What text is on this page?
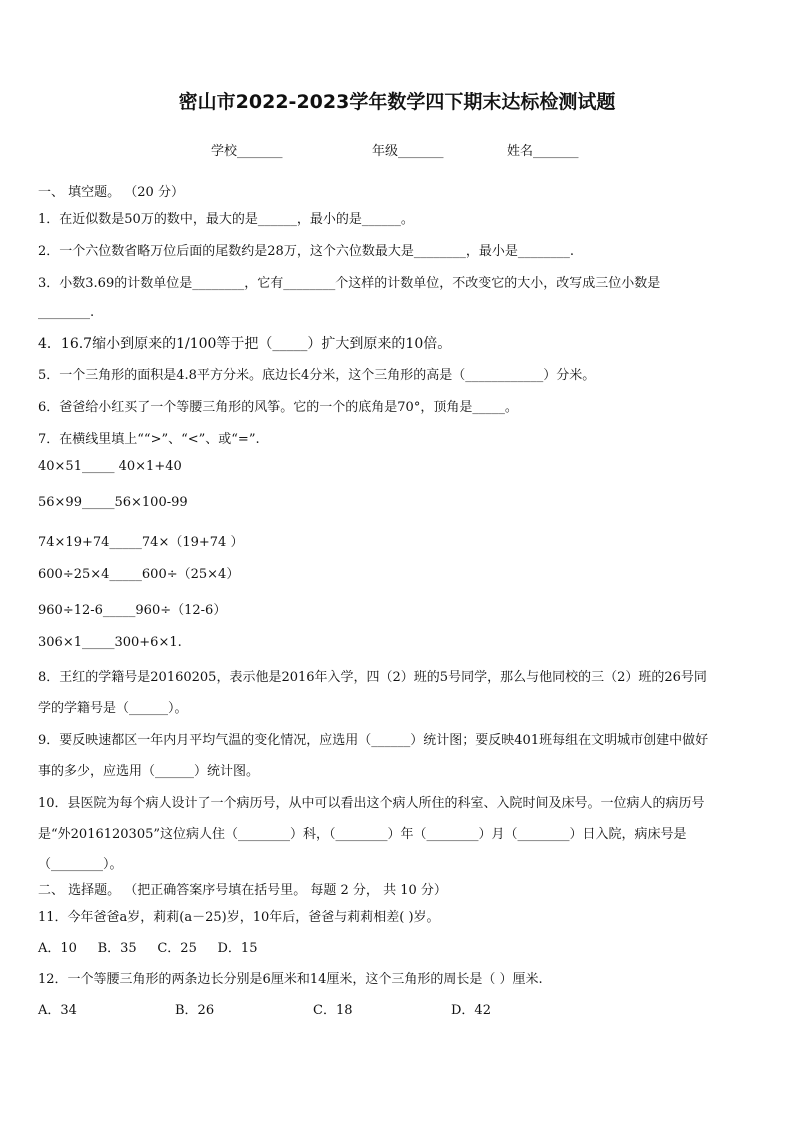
密山市2022-2023学年数学四下期末达标检测试题
学校_______	年级_______	姓名_______
一、 填空题。 （20 分）
1．在近似数是50万的数中，最大的是______，最小的是______。
2．一个六位数省略万位后面的尾数约是28万，这个六位数最大是________，最小是________.
3．小数3.69的计数单位是________，它有________个这样的计数单位，不改变它的大小，改写成三位小数是
________.
4．16.7缩小到原来的1/100等于把（_____）扩大到原来的10倍。
5．一个三角形的面积是4.8平方分米。底边长4分米，这个三角形的高是（____________）分米。
6．爸爸给小红买了一个等腰三角形的风筝。它的一个的底角是70°，顶角是_____。
7．在横线里填上““>”、“<”、或“=”.
40×51_____ 40×1+40
56×99_____56×100-99
74×19+74_____74×（19+74 ）
600÷25×4_____600÷（25×4）
960÷12-6_____960÷（12-6）
306×1_____300+6×1.
8．王红的学籍号是20160205，表示他是2016年入学，四（2）班的5号同学，那么与他同校的三（2）班的26号同
学的学籍号是（______）。
9．要反映速都区一年内月平均气温的变化情况，应选用（______）统计图；要反映401班每组在文明城市创建中做好
事的多少，应选用（______）统计图。
10．县医院为每个病人设计了一个病历号，从中可以看出这个病人所住的科室、入院时间及床号。一位病人的病历号
是“外2016120305”这位病人住（________）科，（________）年（________）月（________）日入院，病床号是
（________）。
二、 选择题。 （把正确答案序号填在括号里。 每题 2 分， 共 10 分）
11．今年爸爸a岁，莉莉(a－25)岁，10年后，爸爸与莉莉相差( )岁。
A．10     B．35     C．25     D．15
12．一个等腰三角形的两条边长分别是6厘米和14厘米，这个三角形的周长是（ ）厘米.
A．34	B．26	C．18	D．42
